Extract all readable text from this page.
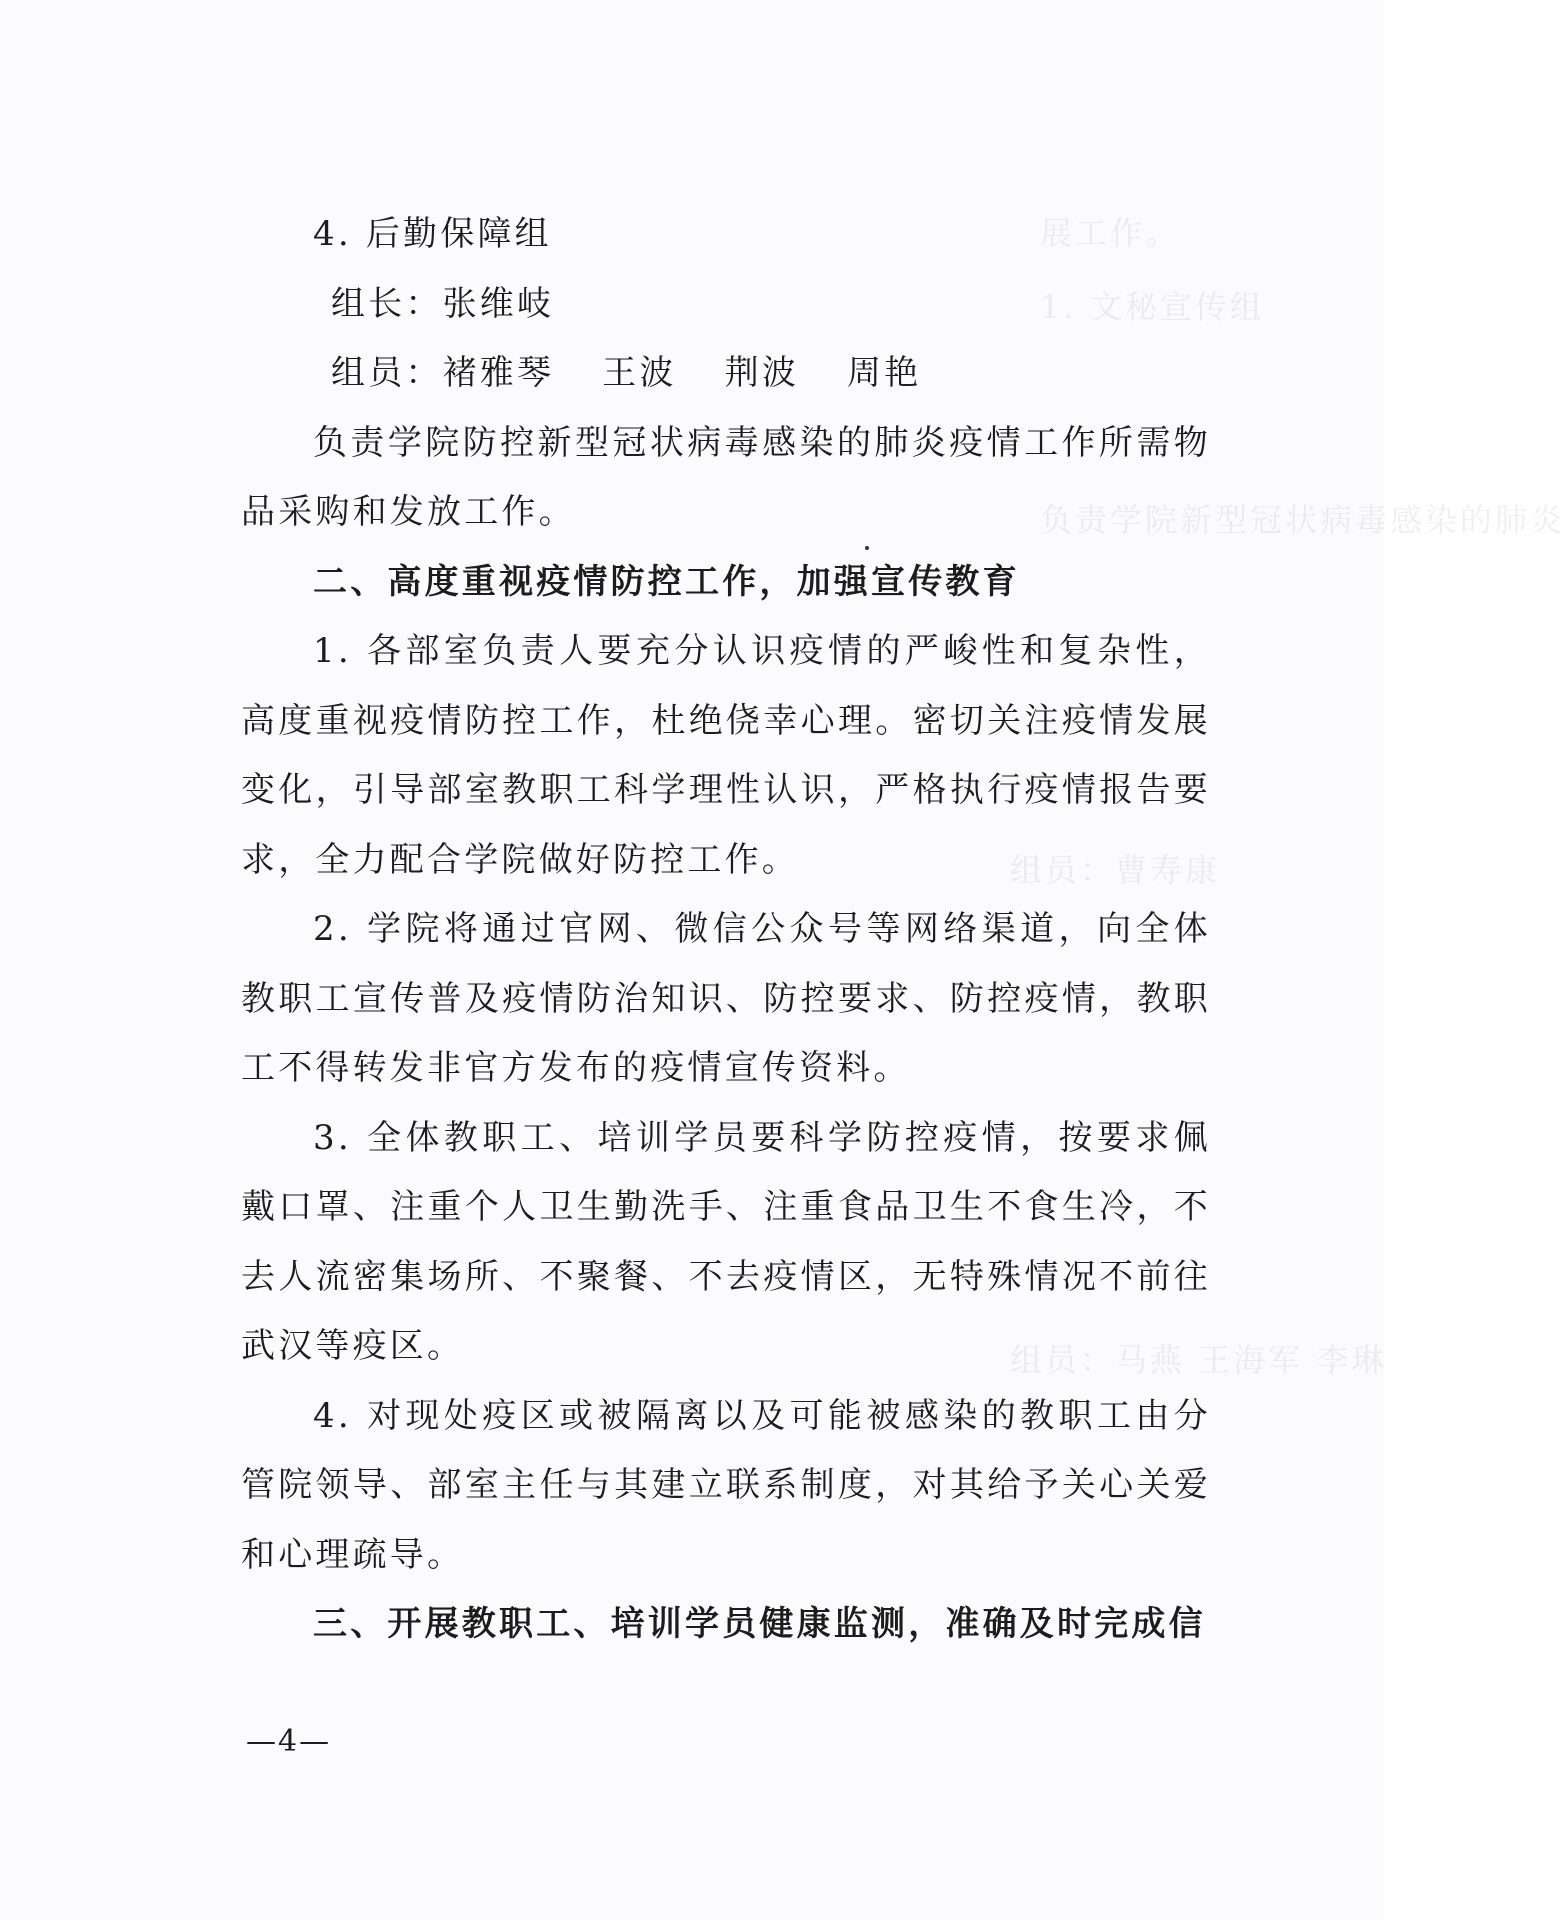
展工作。
1. 文秘宣传组
负责学院新型冠状病毒感染的肺炎
组员：曹寿康
组员：马燕 王海军 李琳

4. 后勤保障组

组长：张维岐

组员：褚雅琴 王波 荆波 周艳

负责学院防控新型冠状病毒感染的肺炎疫情工作所需物品采购和发放工作。

二、高度重视疫情防控工作，加强宣传教育

1. 各部室负责人要充分认识疫情的严峻性和复杂性，高度重视疫情防控工作，杜绝侥幸心理。密切关注疫情发展变化，引导部室教职工科学理性认识，严格执行疫情报告要求，全力配合学院做好防控工作。

2. 学院将通过官网、微信公众号等网络渠道，向全体教职工宣传普及疫情防治知识、防控要求、防控疫情，教职工不得转发非官方发布的疫情宣传资料。

3. 全体教职工、培训学员要科学防控疫情，按要求佩戴口罩、注重个人卫生勤洗手、注重食品卫生不食生冷，不去人流密集场所、不聚餐、不去疫情区，无特殊情况不前往武汉等疫区。

4. 对现处疫区或被隔离以及可能被感染的教职工由分管院领导、部室主任与其建立联系制度，对其给予关心关爱和心理疏导。

三、开展教职工、培训学员健康监测，准确及时完成信

—4—
